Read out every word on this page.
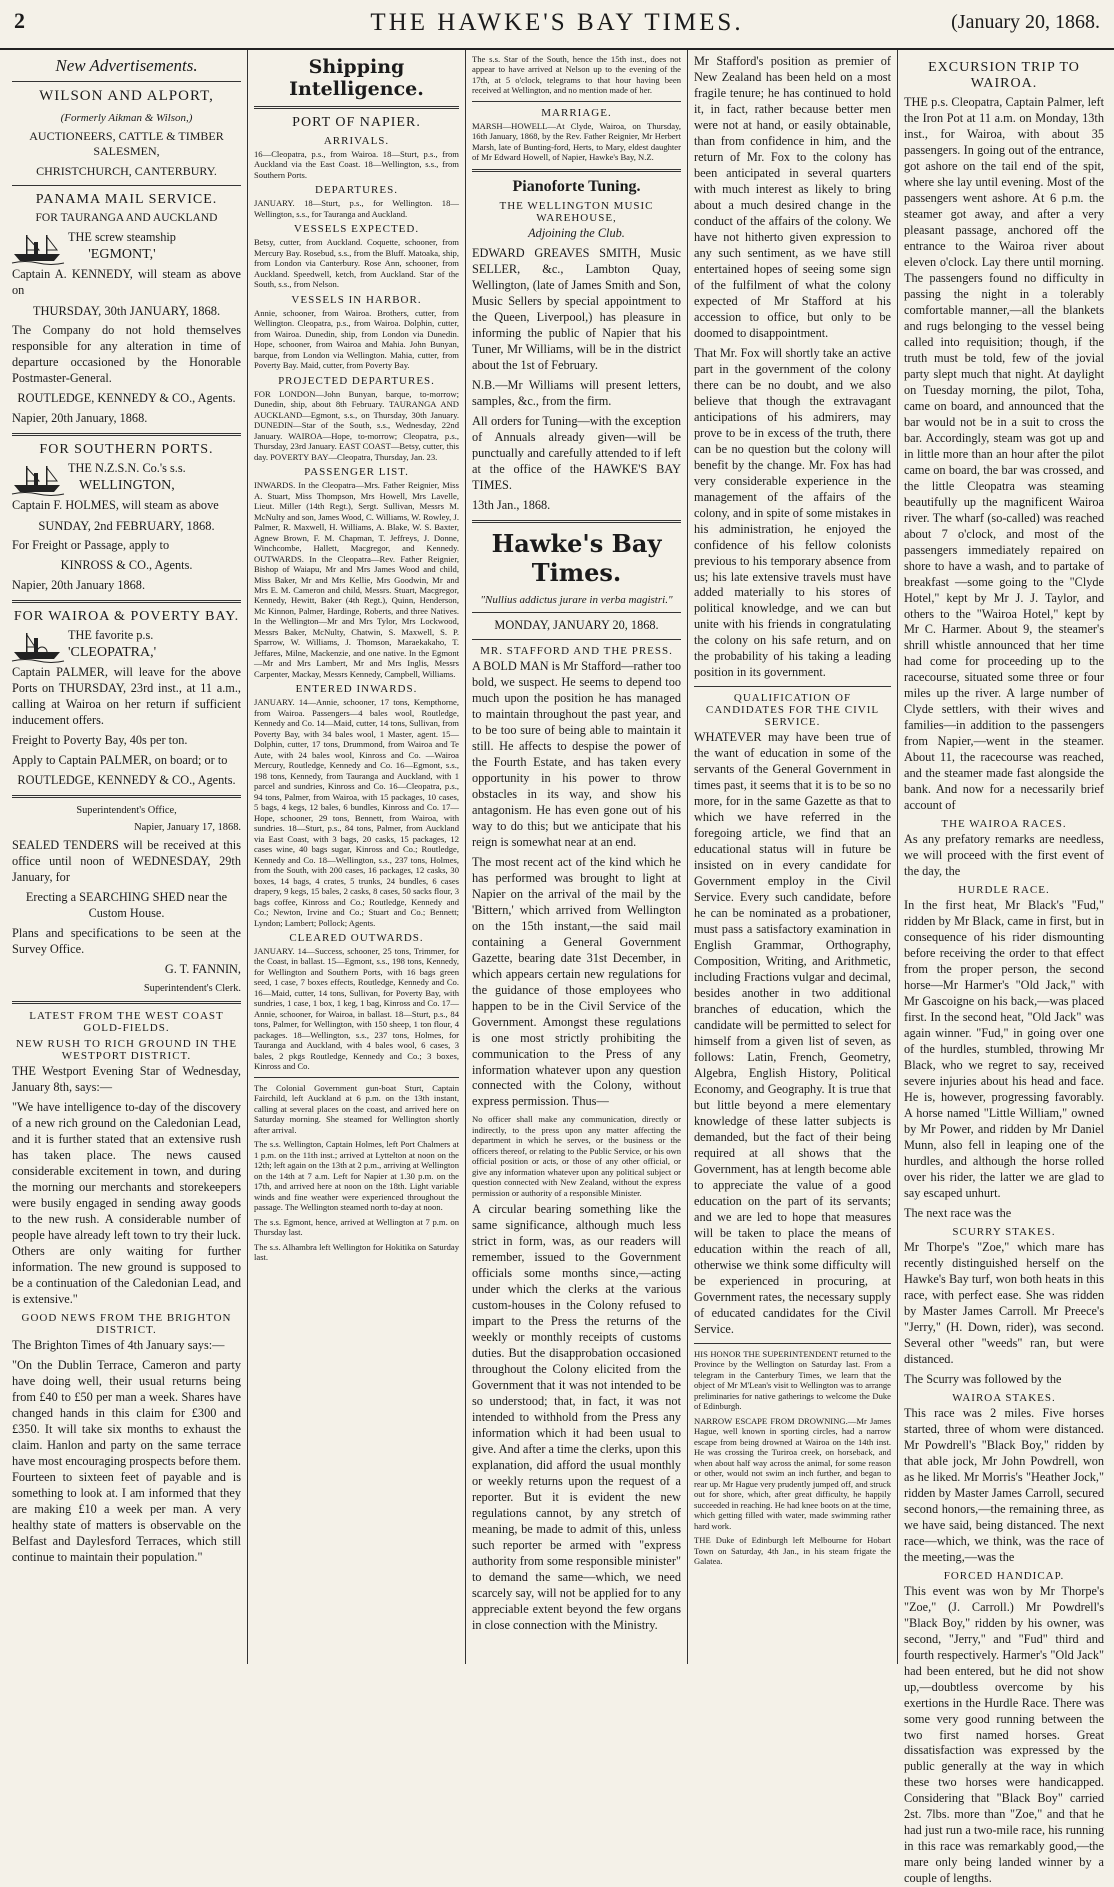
2	THE HAWKE'S BAY TIMES.	(January 20, 1868.
New Advertisements.

WILSON AND ALPORT,

(Formerly Aikman & Wilson,)

AUCTIONEERS, CATTLE & TIMBER SALESMEN,

CHRISTCHURCH, CANTERBURY.

PANAMA MAIL SERVICE.

FOR TAURANGA AND AUCKLAND

THE screw steamship

'EGMONT,'

Captain A. KENNEDY, will steam as above on

THURSDAY, 30th JANUARY, 1868.

The Company do not hold themselves responsible for any alteration in time of departure occasioned by the Honorable Postmaster-General.

ROUTLEDGE, KENNEDY & CO., Agents.

Napier, 20th January, 1868.

FOR SOUTHERN PORTS.

THE N.Z.S.N. Co.'s s.s.

WELLINGTON,

Captain F. HOLMES, will steam as above

SUNDAY, 2nd FEBRUARY, 1868.

For Freight or Passage, apply to

KINROSS & CO., Agents.

Napier, 20th January 1868.

FOR WAIROA & POVERTY BAY.

THE favorite p.s.

'CLEOPATRA,'

Captain PALMER, will leave for the above Ports on THURSDAY, 23rd inst., at 11 a.m., calling at Wairoa on her return if sufficient inducement offers.

Freight to Poverty Bay, 40s per ton.

Apply to Captain PALMER, on board; or to

ROUTLEDGE, KENNEDY & CO., Agents.

Superintendent's Office,

Napier, January 17, 1868.

SEALED TENDERS will be received at this office until noon of WEDNESDAY, 29th January, for

Erecting a SEARCHING SHED near the Custom House.

Plans and specifications to be seen at the Survey Office.

G. T. FANNIN,

Superintendent's Clerk.

LATEST FROM THE WEST COAST GOLD-FIELDS.
NEW RUSH TO RICH GROUND IN THE WESTPORT DISTRICT.

THE Westport Evening Star of Wednesday, January 8th, says:—

"We have intelligence to-day of the discovery of a new rich ground on the Caledonian Lead, and it is further stated that an extensive rush has taken place. The news caused considerable excitement in town, and during the morning our merchants and storekeepers were busily engaged in sending away goods to the new rush. A considerable number of people have already left town to try their luck. Others are only waiting for further information. The new ground is supposed to be a continuation of the Caledonian Lead, and is extensive."

GOOD NEWS FROM THE BRIGHTON DISTRICT.

The Brighton Times of 4th January says:—

"On the Dublin Terrace, Cameron and party have doing well, their usual returns being from £40 to £50 per man a week. Shares have changed hands in this claim for £300 and £350. It will take six months to exhaust the claim. Hanlon and party on the same terrace have most encouraging prospects before them. Fourteen to sixteen feet of payable and is something to look at. I am informed that they are making £10 a week per man. A very healthy state of matters is observable on the Belfast and Daylesford Terraces, which still continue to maintain their population."

Shipping Intelligence.
PORT OF NAPIER.
ARRIVALS.

16—Cleopatra, p.s., from Wairoa. 18—Sturt, p.s., from Auckland via the East Coast. 18—Wellington, s.s., from Southern Ports.

DEPARTURES.

JANUARY. 18—Sturt, p.s., for Wellington. 18—Wellington, s.s., for Tauranga and Auckland.

VESSELS EXPECTED.

Betsy, cutter, from Auckland. Coquette, schooner, from Mercury Bay. Rosebud, s.s., from the Bluff. Matoaka, ship, from London via Canterbury. Rose Ann, schooner, from Auckland. Speedwell, ketch, from Auckland. Star of the South, s.s., from Nelson.

VESSELS IN HARBOR.

Annie, schooner, from Wairoa. Brothers, cutter, from Wellington. Cleopatra, p.s., from Wairoa. Dolphin, cutter, from Wairoa. Dunedin, ship, from London via Dunedin. Hope, schooner, from Wairoa and Mahia. John Bunyan, barque, from London via Wellington. Mahia, cutter, from Poverty Bay. Maid, cutter, from Poverty Bay.

PROJECTED DEPARTURES.

FOR LONDON—John Bunyan, barque, to-morrow; Dunedin, ship, about 8th February. TAURANGA AND AUCKLAND—Egmont, s.s., on Thursday, 30th January. DUNEDIN—Star of the South, s.s., Wednesday, 22nd January. WAIROA—Hope, to-morrow; Cleopatra, p.s., Thursday, 23rd January. EAST COAST—Betsy, cutter, this day. POVERTY BAY—Cleopatra, Thursday, Jan. 23.

PASSENGER LIST.

INWARDS. In the Cleopatra—Mrs. Father Reignier, Miss A. Stuart, Miss Thompson, Mrs Howell, Mrs Lavelle, Lieut. Miller (14th Regt.), Sergt. Sullivan, Messrs M. McNulty and son, James Wood, C. Williams, W. Rowley, J. Palmer, R. Maxwell, H. Williams, A. Blake, W. S. Baxter, Agnew Brown, F. M. Chapman, T. Jeffreys, J. Donne, Winchcombe, Hallett, Macgregor, and Kennedy. OUTWARDS. In the Cleopatra—Rev. Father Reignier, Bishop of Waiapu, Mr and Mrs James Wood and child, Miss Baker, Mr and Mrs Kellie, Mrs Goodwin, Mr and Mrs E. M. Cameron and child, Messrs. Stuart, Macgregor, Kennedy, Hewitt, Baker (4th Regt.), Quinn, Henderson, Mc Kinnon, Palmer, Hardinge, Roberts, and three Natives. In the Wellington—Mr and Mrs Tylor, Mrs Lockwood, Messrs Baker, McNulty, Chatwin, S. Maxwell, S. P. Sparrow, W. Williams, J. Thomson, Maraekakaho, T. Jeffares, Milne, Mackenzie, and one native. In the Egmont—Mr and Mrs Lambert, Mr and Mrs Inglis, Messrs Carpenter, Mackay, Messrs Kennedy, Campbell, Williams.

ENTERED INWARDS.

JANUARY. 14—Annie, schooner, 17 tons, Kempthorne, from Wairoa. Passengers—4 bales wool, Routledge, Kennedy and Co. 14—Maid, cutter, 14 tons, Sullivan, from Poverty Bay, with 34 bales wool, 1 Master, agent. 15—Dolphin, cutter, 17 tons, Drummond, from Wairoa and Te Aute, with 24 bales wool, Kinross and Co. —Wairoa Mercury, Routledge, Kennedy and Co. 16—Egmont, s.s., 198 tons, Kennedy, from Tauranga and Auckland, with 1 parcel and sundries, Kinross and Co. 16—Cleopatra, p.s., 94 tons, Palmer, from Wairoa, with 15 packages, 10 cases, 5 bags, 4 kegs, 12 bales, 6 bundles, Kinross and Co. 17—Hope, schooner, 29 tons, Bennett, from Wairoa, with sundries. 18—Sturt, p.s., 84 tons, Palmer, from Auckland via East Coast, with 3 bags, 20 casks, 15 packages, 12 cases wine, 40 bags sugar, Kinross and Co.; Routledge, Kennedy and Co. 18—Wellington, s.s., 237 tons, Holmes, from the South, with 200 cases, 16 packages, 12 casks, 30 boxes, 14 bags, 4 crates, 5 trunks, 24 bundles, 6 cases drapery, 9 kegs, 15 bales, 2 casks, 8 cases, 50 sacks flour, 3 bags coffee, Kinross and Co.; Routledge, Kennedy and Co.; Newton, Irvine and Co.; Stuart and Co.; Bennett; Lyndon; Lambert; Pollock; Agents.

CLEARED OUTWARDS.

JANUARY. 14—Success, schooner, 25 tons, Trimmer, for the Coast, in ballast. 15—Egmont, s.s., 198 tons, Kennedy, for Wellington and Southern Ports, with 16 bags green seed, 1 case, 7 boxes effects, Routledge, Kennedy and Co. 16—Maid, cutter, 14 tons, Sullivan, for Poverty Bay, with sundries, 1 case, 1 box, 1 keg, 1 bag, Kinross and Co. 17—Annie, schooner, for Wairoa, in ballast. 18—Sturt, p.s., 84 tons, Palmer, for Wellington, with 150 sheep, 1 ton flour, 4 packages. 18—Wellington, s.s., 237 tons, Holmes, for Tauranga and Auckland, with 4 bales wool, 6 cases, 3 bales, 2 pkgs Routledge, Kennedy and Co.; 3 boxes, Kinross and Co.

The Colonial Government gun-boat Sturt, Captain Fairchild, left Auckland at 6 p.m. on the 13th instant, calling at several places on the coast, and arrived here on Saturday morning. She steamed for Wellington shortly after arrival.

The s.s. Wellington, Captain Holmes, left Port Chalmers at 1 p.m. on the 11th inst.; arrived at Lyttelton at noon on the 12th; left again on the 13th at 2 p.m., arriving at Wellington on the 14th at 7 a.m. Left for Napier at 1.30 p.m. on the 17th, and arrived here at noon on the 18th. Light variable winds and fine weather were experienced throughout the passage. The Wellington steamed north to-day at noon.

The s.s. Egmont, hence, arrived at Wellington at 7 p.m. on Thursday last.

The s.s. Alhambra left Wellington for Hokitika on Saturday last.

The s.s. Star of the South, hence the 15th inst., does not appear to have arrived at Nelson up to the evening of the 17th, at 5 o'clock, telegrams to that hour having been received at Wellington, and no mention made of her.

MARRIAGE.

MARSH—HOWELL—At Clyde, Wairoa, on Thursday, 16th January, 1868, by the Rev. Father Reignier, Mr Herbert Marsh, late of Bunting-ford, Herts, to Mary, eldest daughter of Mr Edward Howell, of Napier, Hawke's Bay, N.Z.

Pianoforte Tuning.
THE WELLINGTON MUSIC WAREHOUSE,

Adjoining the Club.

EDWARD GREAVES SMITH, Music SELLER, &c., Lambton Quay, Wellington, (late of James Smith and Son, Music Sellers by special appointment to the Queen, Liverpool,) has pleasure in informing the public of Napier that his Tuner, Mr Williams, will be in the district about the 1st of February.

N.B.—Mr Williams will present letters, samples, &c., from the firm.

All orders for Tuning—with the exception of Annuals already given—will be punctually and carefully attended to if left at the office of the HAWKE'S BAY TIMES.

13th Jan., 1868.

Hawke's Bay Times.

"Nullius addictus jurare in verba magistri."

MONDAY, JANUARY 20, 1868.

MR. STAFFORD AND THE PRESS.

A BOLD MAN is Mr Stafford—rather too bold, we suspect. He seems to depend too much upon the position he has managed to maintain throughout the past year, and to be too sure of being able to maintain it still. He affects to despise the power of the Fourth Estate, and has taken every opportunity in his power to throw obstacles in its way, and show his antagonism. He has even gone out of his way to do this; but we anticipate that his reign is somewhat near at an end.

The most recent act of the kind which he has performed was brought to light at Napier on the arrival of the mail by the 'Bittern,' which arrived from Wellington on the 15th instant,—the said mail containing a General Government Gazette, bearing date 31st December, in which appears certain new regulations for the guidance of those employees who happen to be in the Civil Service of the Government. Amongst these regulations is one most strictly prohibiting the communication to the Press of any information whatever upon any question connected with the Colony, without express permission. Thus—

No officer shall make any communication, directly or indirectly, to the press upon any matter affecting the department in which he serves, or the business or the officers thereof, or relating to the Public Service, or his own official position or acts, or those of any other official, or give any information whatever upon any political subject or question connected with New Zealand, without the express permission or authority of a responsible Minister.

A circular bearing something like the same significance, although much less strict in form, was, as our readers will remember, issued to the Government officials some months since,—acting under which the clerks at the various custom-houses in the Colony refused to impart to the Press the returns of the weekly or monthly receipts of customs duties. But the disapprobation occasioned throughout the Colony elicited from the Government that it was not intended to be so understood; that, in fact, it was not intended to withhold from the Press any information which it had been usual to give. And after a time the clerks, upon this explanation, did afford the usual monthly or weekly returns upon the request of a reporter. But it is evident the new regulations cannot, by any stretch of meaning, be made to admit of this, unless such reporter be armed with "express authority from some responsible minister" to demand the same—which, we need scarcely say, will not be applied for to any appreciable extent beyond the few organs in close connection with the Ministry.

Mr Stafford's position as premier of New Zealand has been held on a most fragile tenure; he has continued to hold it, in fact, rather because better men were not at hand, or easily obtainable, than from confidence in him, and the return of Mr. Fox to the colony has been anticipated in several quarters with much interest as likely to bring about a much desired change in the conduct of the affairs of the colony. We have not hitherto given expression to any such sentiment, as we have still entertained hopes of seeing some sign of the fulfilment of what the colony expected of Mr Stafford at his accession to office, but only to be doomed to disappointment.

That Mr. Fox will shortly take an active part in the government of the colony there can be no doubt, and we also believe that though the extravagant anticipations of his admirers, may prove to be in excess of the truth, there can be no question but the colony will benefit by the change. Mr. Fox has had very considerable experience in the management of the affairs of the colony, and in spite of some mistakes in his administration, he enjoyed the confidence of his fellow colonists previous to his temporary absence from us; his late extensive travels must have added materially to his stores of political knowledge, and we can but unite with his friends in congratulating the colony on his safe return, and on the probability of his taking a leading position in its government.

QUALIFICATION OF CANDIDATES FOR THE CIVIL SERVICE.

WHATEVER may have been true of the want of education in some of the servants of the General Government in times past, it seems that it is to be so no more, for in the same Gazette as that to which we have referred in the foregoing article, we find that an educational status will in future be insisted on in every candidate for Government employ in the Civil Service. Every such candidate, before he can be nominated as a probationer, must pass a satisfactory examination in English Grammar, Orthography, Composition, Writing, and Arithmetic, including Fractions vulgar and decimal, besides another in two additional branches of education, which the candidate will be permitted to select for himself from a given list of seven, as follows: Latin, French, Geometry, Algebra, English History, Political Economy, and Geography. It is true that but little beyond a mere elementary knowledge of these latter subjects is demanded, but the fact of their being required at all shows that the Government, has at length become able to appreciate the value of a good education on the part of its servants; and we are led to hope that measures will be taken to place the means of education within the reach of all, otherwise we think some difficulty will be experienced in procuring, at Government rates, the necessary supply of educated candidates for the Civil Service.

HIS HONOR THE SUPERINTENDENT returned to the Province by the Wellington on Saturday last. From a telegram in the Canterbury Times, we learn that the object of Mr M'Lean's visit to Wellington was to arrange preliminaries for native gatherings to welcome the Duke of Edinburgh.

NARROW ESCAPE FROM DROWNING.—Mr James Hague, well known in sporting circles, had a narrow escape from being drowned at Wairoa on the 14th inst. He was crossing the Turiroa creek, on horseback, and when about half way across the animal, for some reason or other, would not swim an inch further, and began to rear up. Mr Hague very prudently jumped off, and struck out for shore, which, after great difficulty, he happily succeeded in reaching. He had knee boots on at the time, which getting filled with water, made swimming rather hard work.

THE Duke of Edinburgh left Melbourne for Hobart Town on Saturday, 4th Jan., in his steam frigate the Galatea.

EXCURSION TRIP TO WAIROA.

THE p.s. Cleopatra, Captain Palmer, left the Iron Pot at 11 a.m. on Monday, 13th inst., for Wairoa, with about 35 passengers. In going out of the entrance, got ashore on the tail end of the spit, where she lay until evening. Most of the passengers went ashore. At 6 p.m. the steamer got away, and after a very pleasant passage, anchored off the entrance to the Wairoa river about eleven o'clock. Lay there until morning. The passengers found no difficulty in passing the night in a tolerably comfortable manner,—all the blankets and rugs belonging to the vessel being called into requisition; though, if the truth must be told, few of the jovial party slept much that night. At daylight on Tuesday morning, the pilot, Toha, came on board, and announced that the bar would not be in a suit to cross the bar. Accordingly, steam was got up and in little more than an hour after the pilot came on board, the bar was crossed, and the little Cleopatra was steaming beautifully up the magnificent Wairoa river. The wharf (so-called) was reached about 7 o'clock, and most of the passengers immediately repaired on shore to have a wash, and to partake of breakfast —some going to the "Clyde Hotel," kept by Mr J. J. Taylor, and others to the "Wairoa Hotel," kept by Mr C. Harmer. About 9, the steamer's shrill whistle announced that her time had come for proceeding up to the racecourse, situated some three or four miles up the river. A large number of Clyde settlers, with their wives and families—in addition to the passengers from Napier,—went in the steamer. About 11, the racecourse was reached, and the steamer made fast alongside the bank. And now for a necessarily brief account of

THE WAIROA RACES.

As any prefatory remarks are needless, we will proceed with the first event of the day, the

HURDLE RACE.

In the first heat, Mr Black's "Fud," ridden by Mr Black, came in first, but in consequence of his rider dismounting before receiving the order to that effect from the proper person, the second horse—Mr Harmer's "Old Jack," with Mr Gascoigne on his back,—was placed first. In the second heat, "Old Jack" was again winner. "Fud," in going over one of the hurdles, stumbled, throwing Mr Black, who we regret to say, received severe injuries about his head and face. He is, however, progressing favorably. A horse named "Little William," owned by Mr Power, and ridden by Mr Daniel Munn, also fell in leaping one of the hurdles, and although the horse rolled over his rider, the latter we are glad to say escaped unhurt.

The next race was the

SCURRY STAKES.

Mr Thorpe's "Zoe," which mare has recently distinguished herself on the Hawke's Bay turf, won both heats in this race, with perfect ease. She was ridden by Master James Carroll. Mr Preece's "Jerry," (H. Down, rider), was second. Several other "weeds" ran, but were distanced.

The Scurry was followed by the

WAIROA STAKES.

This race was 2 miles. Five horses started, three of whom were distanced. Mr Powdrell's "Black Boy," ridden by that able jock, Mr John Powdrell, won as he liked. Mr Morris's "Heather Jock," ridden by Master James Carroll, secured second honors,—the remaining three, as we have said, being distanced. The next race—which, we think, was the race of the meeting,—was the

FORCED HANDICAP.

This event was won by Mr Thorpe's "Zoe," (J. Carroll.) Mr Powdrell's "Black Boy," ridden by his owner, was second, "Jerry," and "Fud" third and fourth respectively. Harmer's "Old Jack" had been entered, but he did not show up,—doubtless overcome by his exertions in the Hurdle Race. There was some very good running between the two first named horses. Great dissatisfaction was expressed by the public generally at the way in which these two horses were handicapped. Considering that "Black Boy" carried 2st. 7lbs. more than "Zoe," and that he had just run a two-mile race, his running in this race was remarkably good,—the mare only being landed winner by a couple of lengths.
